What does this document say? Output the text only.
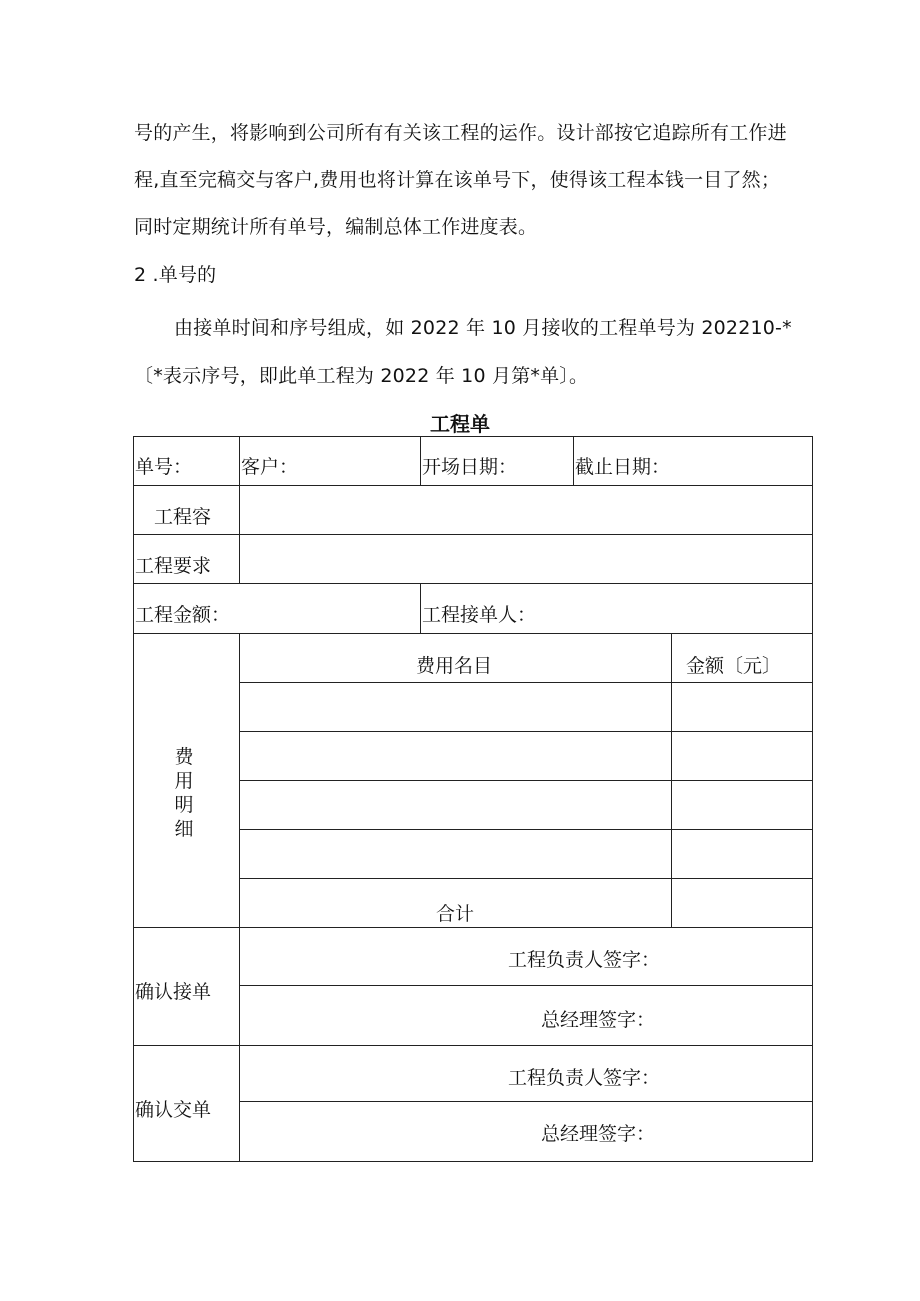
号的产生，将影响到公司所有有关该工程的运作。设计部按它追踪所有工作进
程,直至完稿交与客户,费用也将计算在该单号下，使得该工程本钱一目了然；
同时定期统计所有单号，编制总体工作进度表。
2 .单号的
由接单时间和序号组成，如 2022 年 10 月接收的工程单号为 202210-*
〔*表示序号，即此单工程为 2022 年 10 月第*单〕。
工程单
单号：	客户：	开场日期：	截止日期：
工程容
工程要求
工程金额：	工程接单人：
费用明细
费用名目	金额〔元〕
合计
确认接单
工程负责人签字：
总经理签字：
确认交单
工程负责人签字：
总经理签字：
